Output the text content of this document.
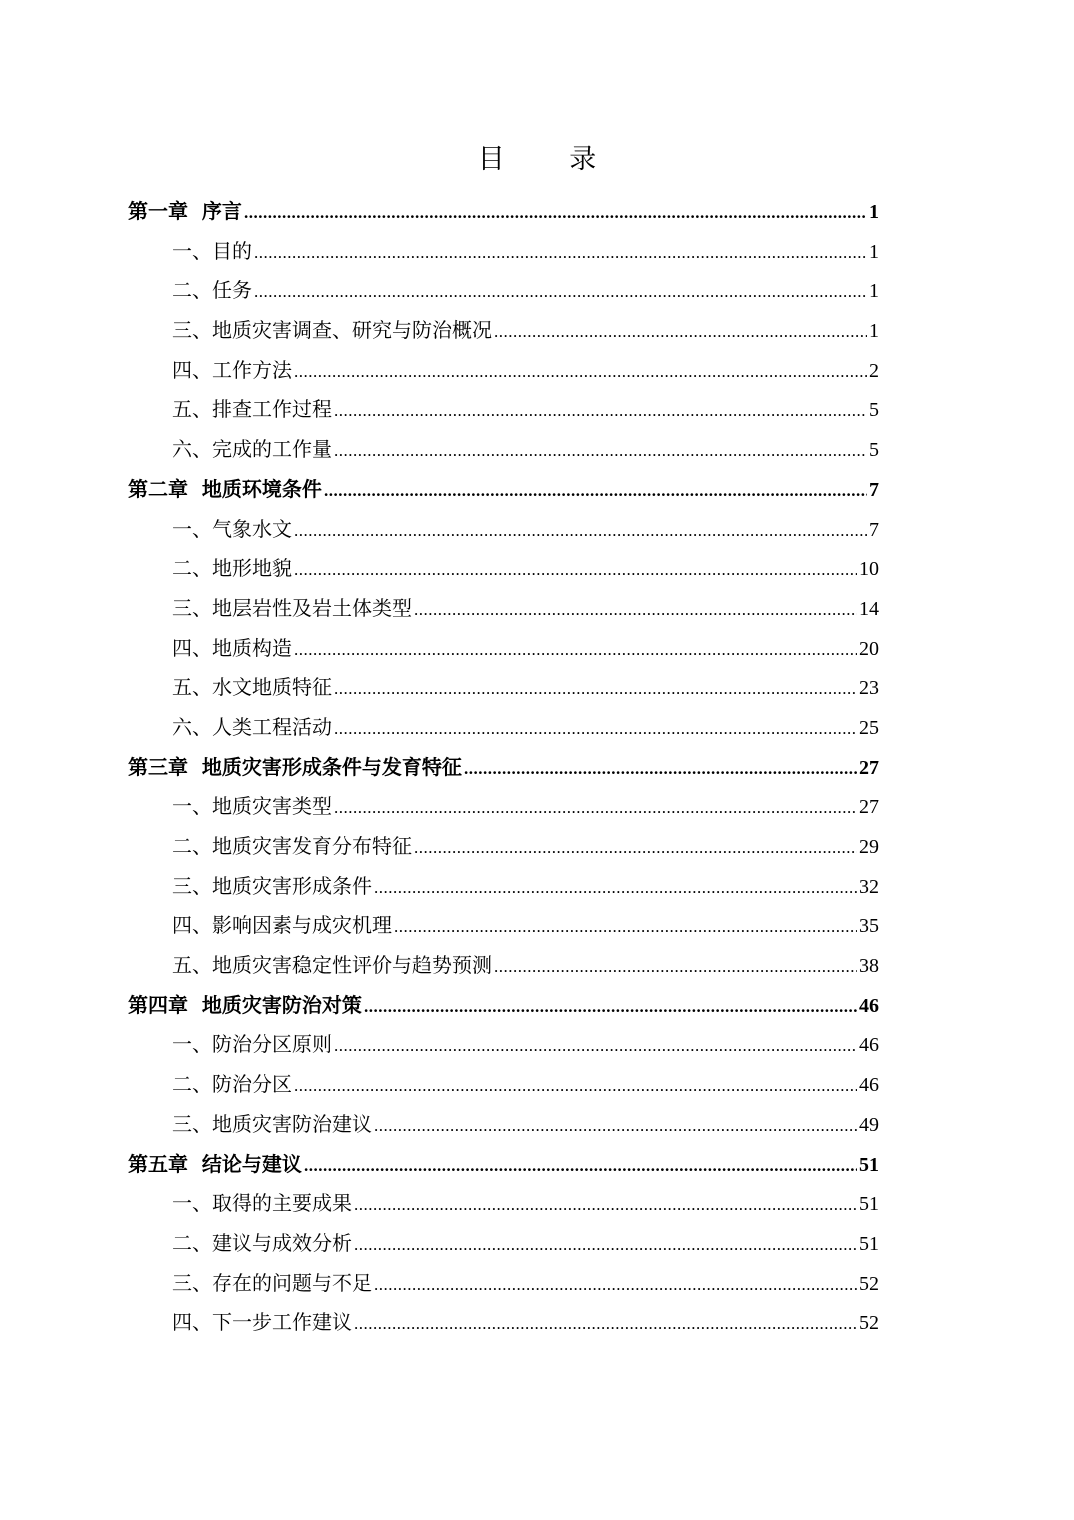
目 录
第一章  序言 .....	1
一、目的 .....	1
二、任务 .....	1
三、地质灾害调查、研究与防治概况 .....	1
四、工作方法 .....	2
五、排查工作过程 .....	5
六、完成的工作量 .....	5
第二章  地质环境条件 .....	7
一、气象水文 .....	7
二、地形地貌 .....	10
三、地层岩性及岩土体类型 .....	14
四、地质构造 .....	20
五、水文地质特征 .....	23
六、人类工程活动 .....	25
第三章  地质灾害形成条件与发育特征 .....	27
一、地质灾害类型 .....	27
二、地质灾害发育分布特征 .....	29
三、地质灾害形成条件 .....	32
四、影响因素与成灾机理 .....	35
五、地质灾害稳定性评价与趋势预测 .....	38
第四章  地质灾害防治对策 .....	46
一、防治分区原则 .....	46
二、防治分区 .....	46
三、地质灾害防治建议 .....	49
第五章  结论与建议 .....	51
一、取得的主要成果 .....	51
二、建议与成效分析 .....	51
三、存在的问题与不足 .....	52
四、下一步工作建议 .....	52
